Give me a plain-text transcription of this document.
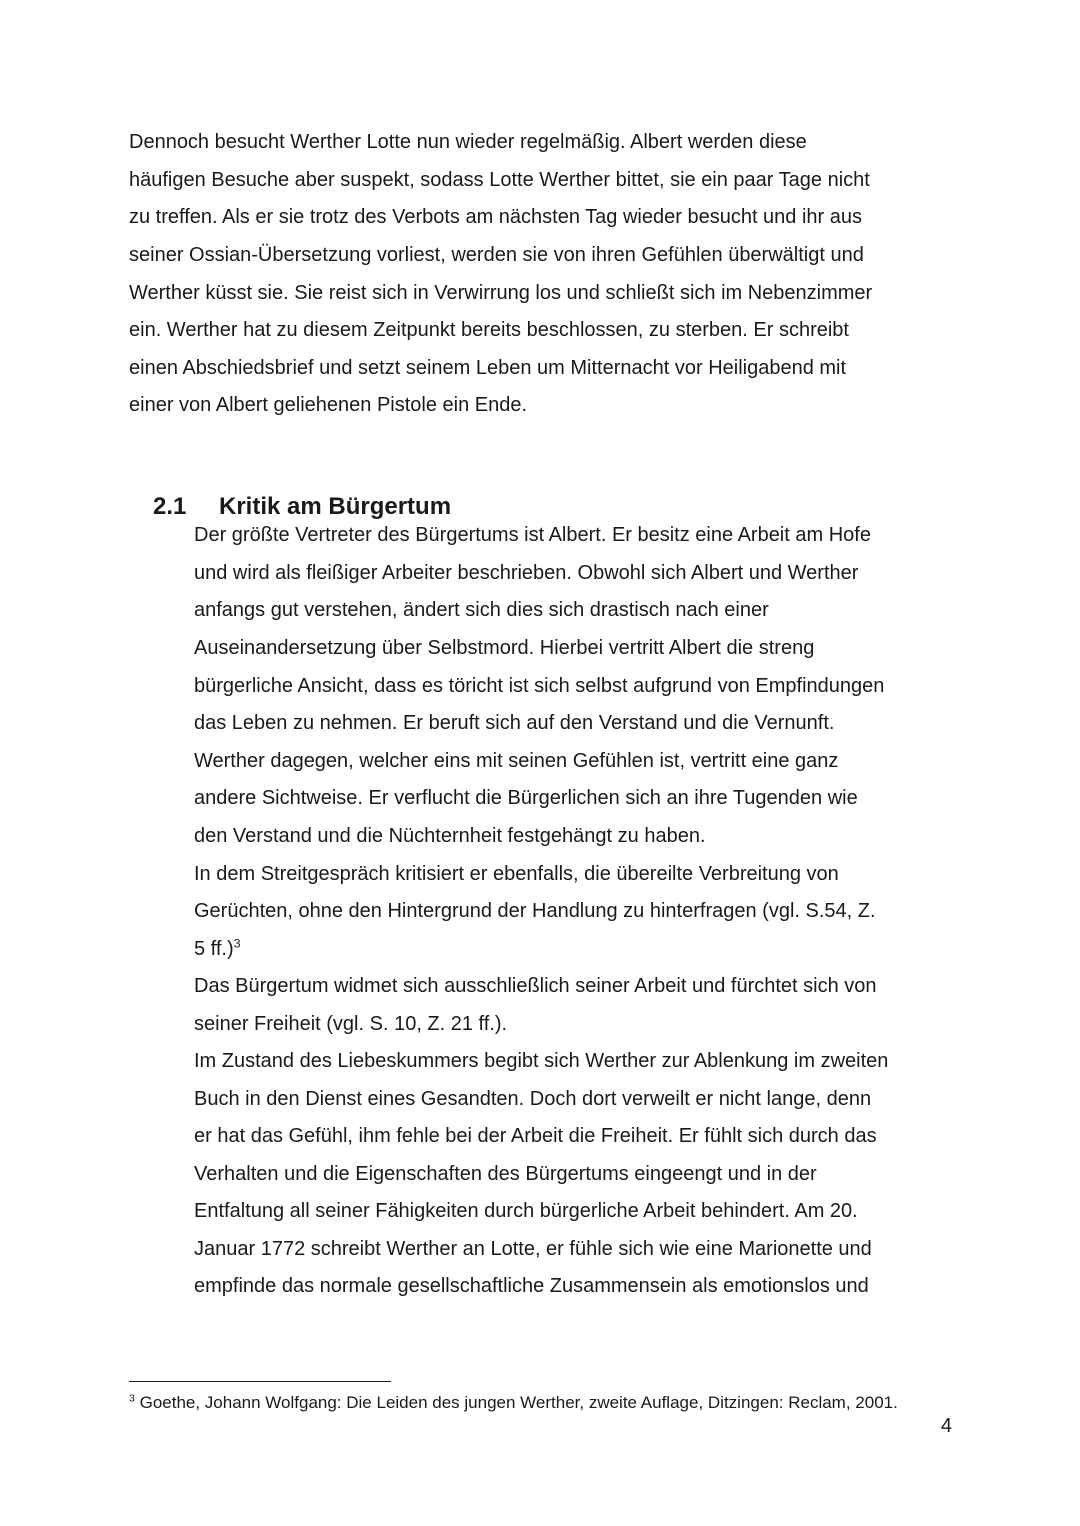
Dennoch besucht Werther Lotte nun wieder regelmäßig. Albert werden diese
häufigen Besuche aber suspekt, sodass Lotte Werther bittet, sie ein paar Tage nicht
zu treffen. Als er sie trotz des Verbots am nächsten Tag wieder besucht und ihr aus
seiner Ossian-Übersetzung vorliest, werden sie von ihren Gefühlen überwältigt und
Werther küsst sie. Sie reist sich in Verwirrung los und schließt sich im Nebenzimmer
ein. Werther hat zu diesem Zeitpunkt bereits beschlossen, zu sterben. Er schreibt
einen Abschiedsbrief und setzt seinem Leben um Mitternacht vor Heiligabend mit
einer von Albert geliehenen Pistole ein Ende.
2.1 Kritik am Bürgertum
Der größte Vertreter des Bürgertums ist Albert. Er besitz eine Arbeit am Hofe
und wird als fleißiger Arbeiter beschrieben. Obwohl sich Albert und Werther
anfangs gut verstehen, ändert sich dies sich drastisch nach einer
Auseinandersetzung über Selbstmord. Hierbei vertritt Albert die streng
bürgerliche Ansicht, dass es töricht ist sich selbst aufgrund von Empfindungen
das Leben zu nehmen. Er beruft sich auf den Verstand und die Vernunft.
Werther dagegen, welcher eins mit seinen Gefühlen ist, vertritt eine ganz
andere Sichtweise. Er verflucht die Bürgerlichen sich an ihre Tugenden wie
den Verstand und die Nüchternheit festgehängt zu haben.
In dem Streitgespräch kritisiert er ebenfalls, die übereilte Verbreitung von
Gerüchten, ohne den Hintergrund der Handlung zu hinterfragen (vgl. S.54, Z.
5 ff.)$^3$
Das Bürgertum widmet sich ausschließlich seiner Arbeit und fürchtet sich von
seiner Freiheit (vgl. S. 10, Z. 21 ff.).
Im Zustand des Liebeskummers begibt sich Werther zur Ablenkung im zweiten
Buch in den Dienst eines Gesandten. Doch dort verweilt er nicht lange, denn
er hat das Gefühl, ihm fehle bei der Arbeit die Freiheit. Er fühlt sich durch das
Verhalten und die Eigenschaften des Bürgertums eingeengt und in der
Entfaltung all seiner Fähigkeiten durch bürgerliche Arbeit behindert. Am 20.
Januar 1772 schreibt Werther an Lotte, er fühle sich wie eine Marionette und
empfinde das normale gesellschaftliche Zusammensein als emotionslos und
$^3$ Goethe, Johann Wolfgang: Die Leiden des jungen Werther, zweite Auflage, Ditzingen: Reclam, 2001.
4
